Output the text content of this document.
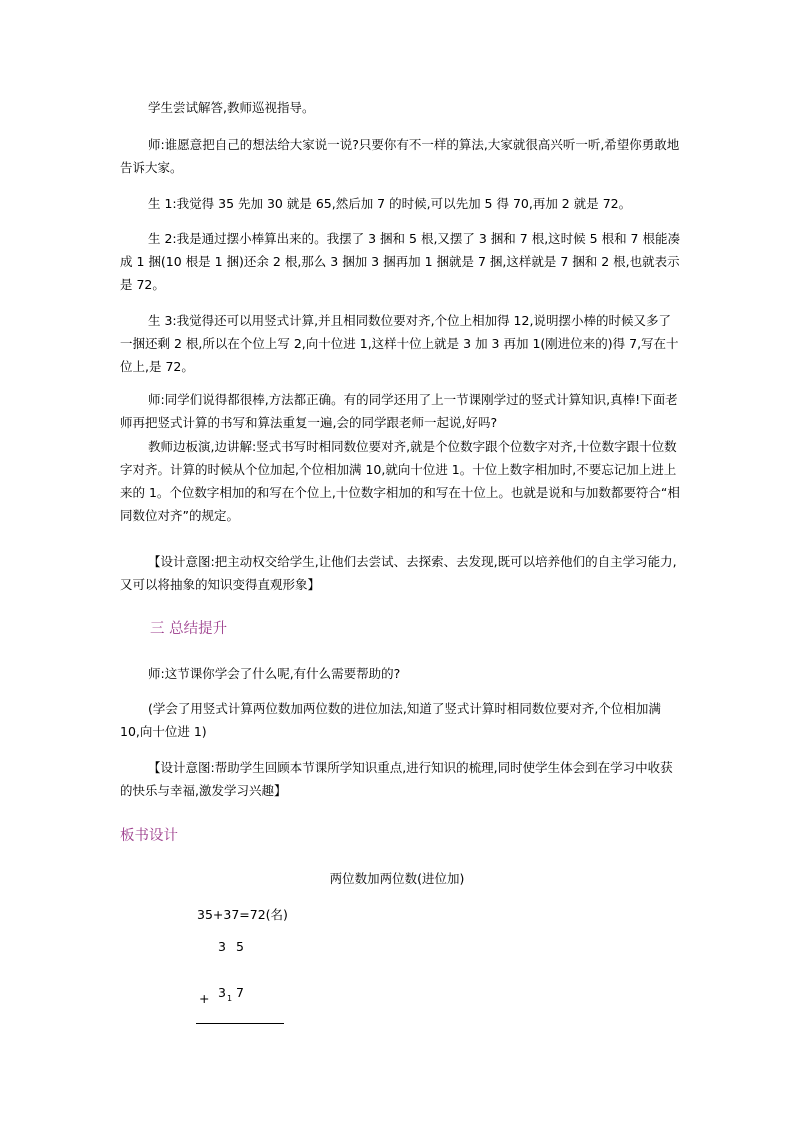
学生尝试解答,教师巡视指导。
师:谁愿意把自己的想法给大家说一说?只要你有不一样的算法,大家就很高兴听一听,希望你勇敢地告诉大家。
生 1:我觉得 35 先加 30 就是 65,然后加 7 的时候,可以先加 5 得 70,再加 2 就是 72。
生 2:我是通过摆小棒算出来的。我摆了 3 捆和 5 根,又摆了 3 捆和 7 根,这时候 5 根和 7 根能凑成 1 捆(10 根是 1 捆)还余 2 根,那么 3 捆加 3 捆再加 1 捆就是 7 捆,这样就是 7 捆和 2 根,也就表示是 72。
生 3:我觉得还可以用竖式计算,并且相同数位要对齐,个位上相加得 12,说明摆小棒的时候又多了一捆还剩 2 根,所以在个位上写 2,向十位进 1,这样十位上就是 3 加 3 再加 1(刚进位来的)得 7,写在十位上,是 72。
师:同学们说得都很棒,方法都正确。有的同学还用了上一节课刚学过的竖式计算知识,真棒!下面老师再把竖式计算的书写和算法重复一遍,会的同学跟老师一起说,好吗?
教师边板演,边讲解:竖式书写时相同数位要对齐,就是个位数字跟个位数字对齐,十位数字跟十位数字对齐。计算的时候从个位加起,个位相加满 10,就向十位进 1。十位上数字相加时,不要忘记加上进上来的 1。个位数字相加的和写在个位上,十位数字相加的和写在十位上。也就是说和与加数都要符合“相同数位对齐”的规定。
【设计意图:把主动权交给学生,让他们去尝试、去探索、去发现,既可以培养他们的自主学习能力,又可以将抽象的知识变得直观形象】
三 总结提升
师:这节课你学会了什么呢,有什么需要帮助的?
(学会了用竖式计算两位数加两位数的进位加法,知道了竖式计算时相同数位要对齐,个位相加满 10,向十位进 1)
【设计意图:帮助学生回顾本节课所学知识重点,进行知识的梳理,同时使学生体会到在学习中收获的快乐与幸福,激发学习兴趣】
板书设计
两位数加两位数(进位加)
35+37=72(名)
3 5
+ 3 1 7
